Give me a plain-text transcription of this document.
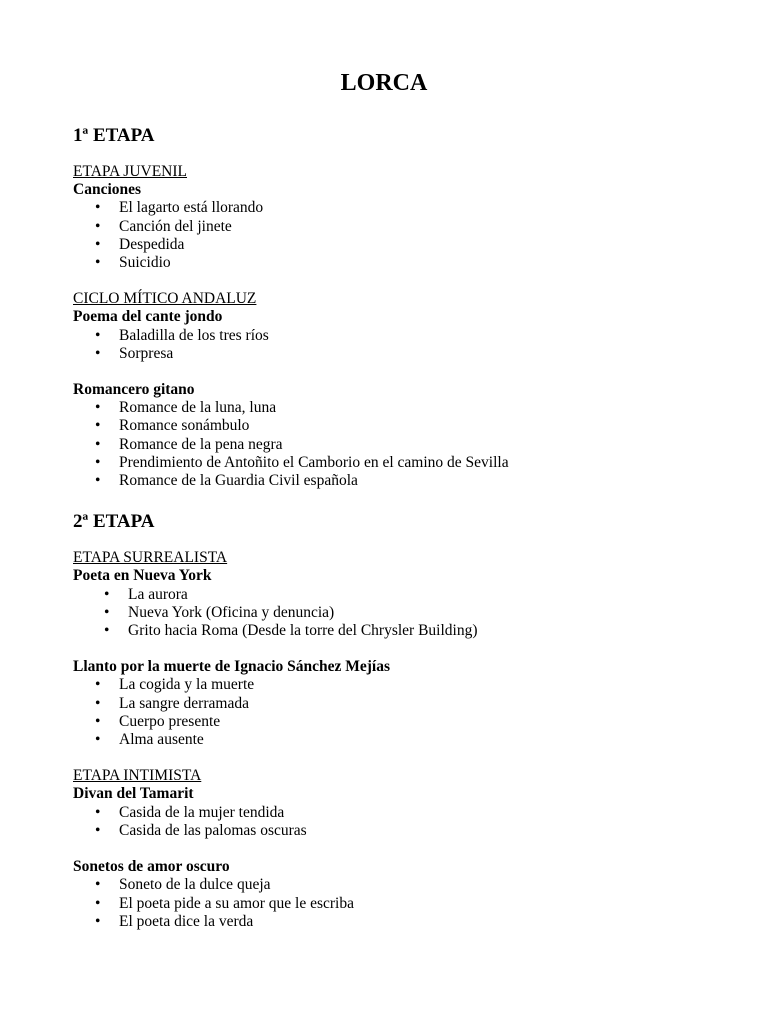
LORCA
1ª ETAPA
ETAPA JUVENIL
Canciones
• El lagarto está llorando
• Canción del jinete
• Despedida
• Suicidio
CICLO MÍTICO ANDALUZ
Poema del cante jondo
• Baladilla de los tres ríos
• Sorpresa
Romancero gitano
• Romance de la luna, luna
• Romance sonámbulo
• Romance de la pena negra
• Prendimiento de Antoñito el Camborio en el camino de Sevilla
• Romance de la Guardia Civil española
2ª ETAPA
ETAPA SURREALISTA
Poeta en Nueva York
• La aurora
• Nueva York (Oficina y denuncia)
• Grito hacia Roma (Desde la torre del Chrysler Building)
Llanto por la muerte de Ignacio Sánchez Mejías
• La cogida y la muerte
• La sangre derramada
• Cuerpo presente
• Alma ausente
ETAPA INTIMISTA
Divan del Tamarit
• Casida de la mujer tendida
• Casida de las palomas oscuras
Sonetos de amor oscuro
• Soneto de la dulce queja
• El poeta pide a su amor que le escriba
• El poeta dice la verda
